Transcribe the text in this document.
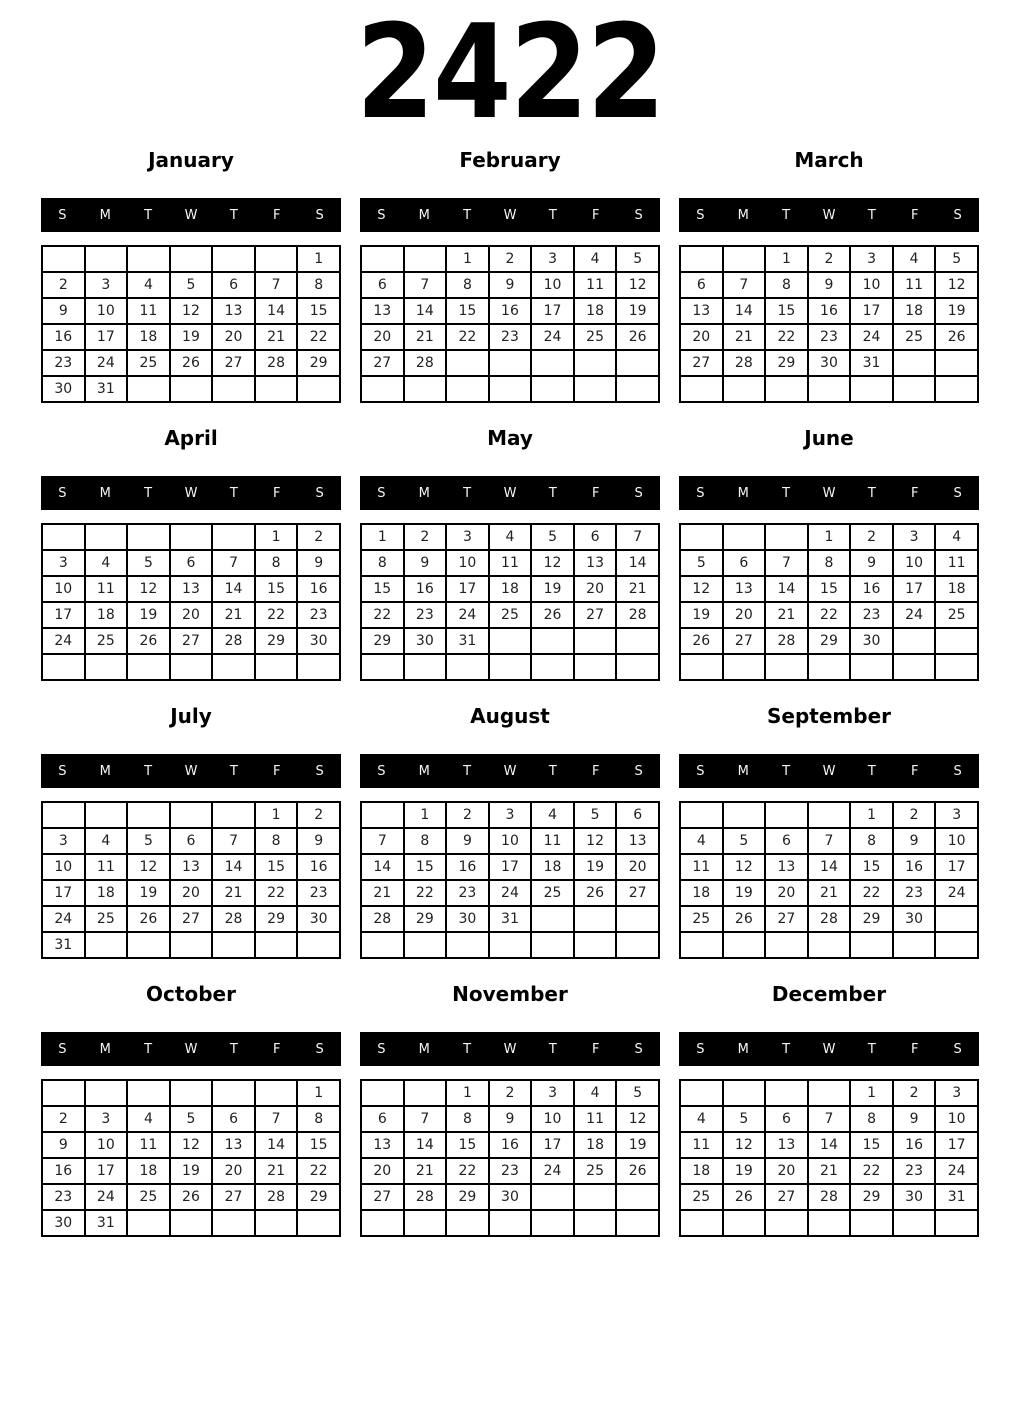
2422
January
S	M	T	W	T	F	S
						1
2	3	4	5	6	7	8
9	10	11	12	13	14	15
16	17	18	19	20	21	22
23	24	25	26	27	28	29
30	31					
February
S	M	T	W	T	F	S
		1	2	3	4	5
6	7	8	9	10	11	12
13	14	15	16	17	18	19
20	21	22	23	24	25	26
27	28					

March
S	M	T	W	T	F	S
		1	2	3	4	5
6	7	8	9	10	11	12
13	14	15	16	17	18	19
20	21	22	23	24	25	26
27	28	29	30	31		

April
S	M	T	W	T	F	S
					1	2
3	4	5	6	7	8	9
10	11	12	13	14	15	16
17	18	19	20	21	22	23
24	25	26	27	28	29	30

May
S	M	T	W	T	F	S
1	2	3	4	5	6	7
8	9	10	11	12	13	14
15	16	17	18	19	20	21
22	23	24	25	26	27	28
29	30	31				

June
S	M	T	W	T	F	S
			1	2	3	4
5	6	7	8	9	10	11
12	13	14	15	16	17	18
19	20	21	22	23	24	25
26	27	28	29	30		

July
S	M	T	W	T	F	S
					1	2
3	4	5	6	7	8	9
10	11	12	13	14	15	16
17	18	19	20	21	22	23
24	25	26	27	28	29	30
31						
August
S	M	T	W	T	F	S
	1	2	3	4	5	6
7	8	9	10	11	12	13
14	15	16	17	18	19	20
21	22	23	24	25	26	27
28	29	30	31			

September
S	M	T	W	T	F	S
				1	2	3
4	5	6	7	8	9	10
11	12	13	14	15	16	17
18	19	20	21	22	23	24
25	26	27	28	29	30	

October
S	M	T	W	T	F	S
						1
2	3	4	5	6	7	8
9	10	11	12	13	14	15
16	17	18	19	20	21	22
23	24	25	26	27	28	29
30	31					
November
S	M	T	W	T	F	S
		1	2	3	4	5
6	7	8	9	10	11	12
13	14	15	16	17	18	19
20	21	22	23	24	25	26
27	28	29	30			

December
S	M	T	W	T	F	S
				1	2	3
4	5	6	7	8	9	10
11	12	13	14	15	16	17
18	19	20	21	22	23	24
25	26	27	28	29	30	31
